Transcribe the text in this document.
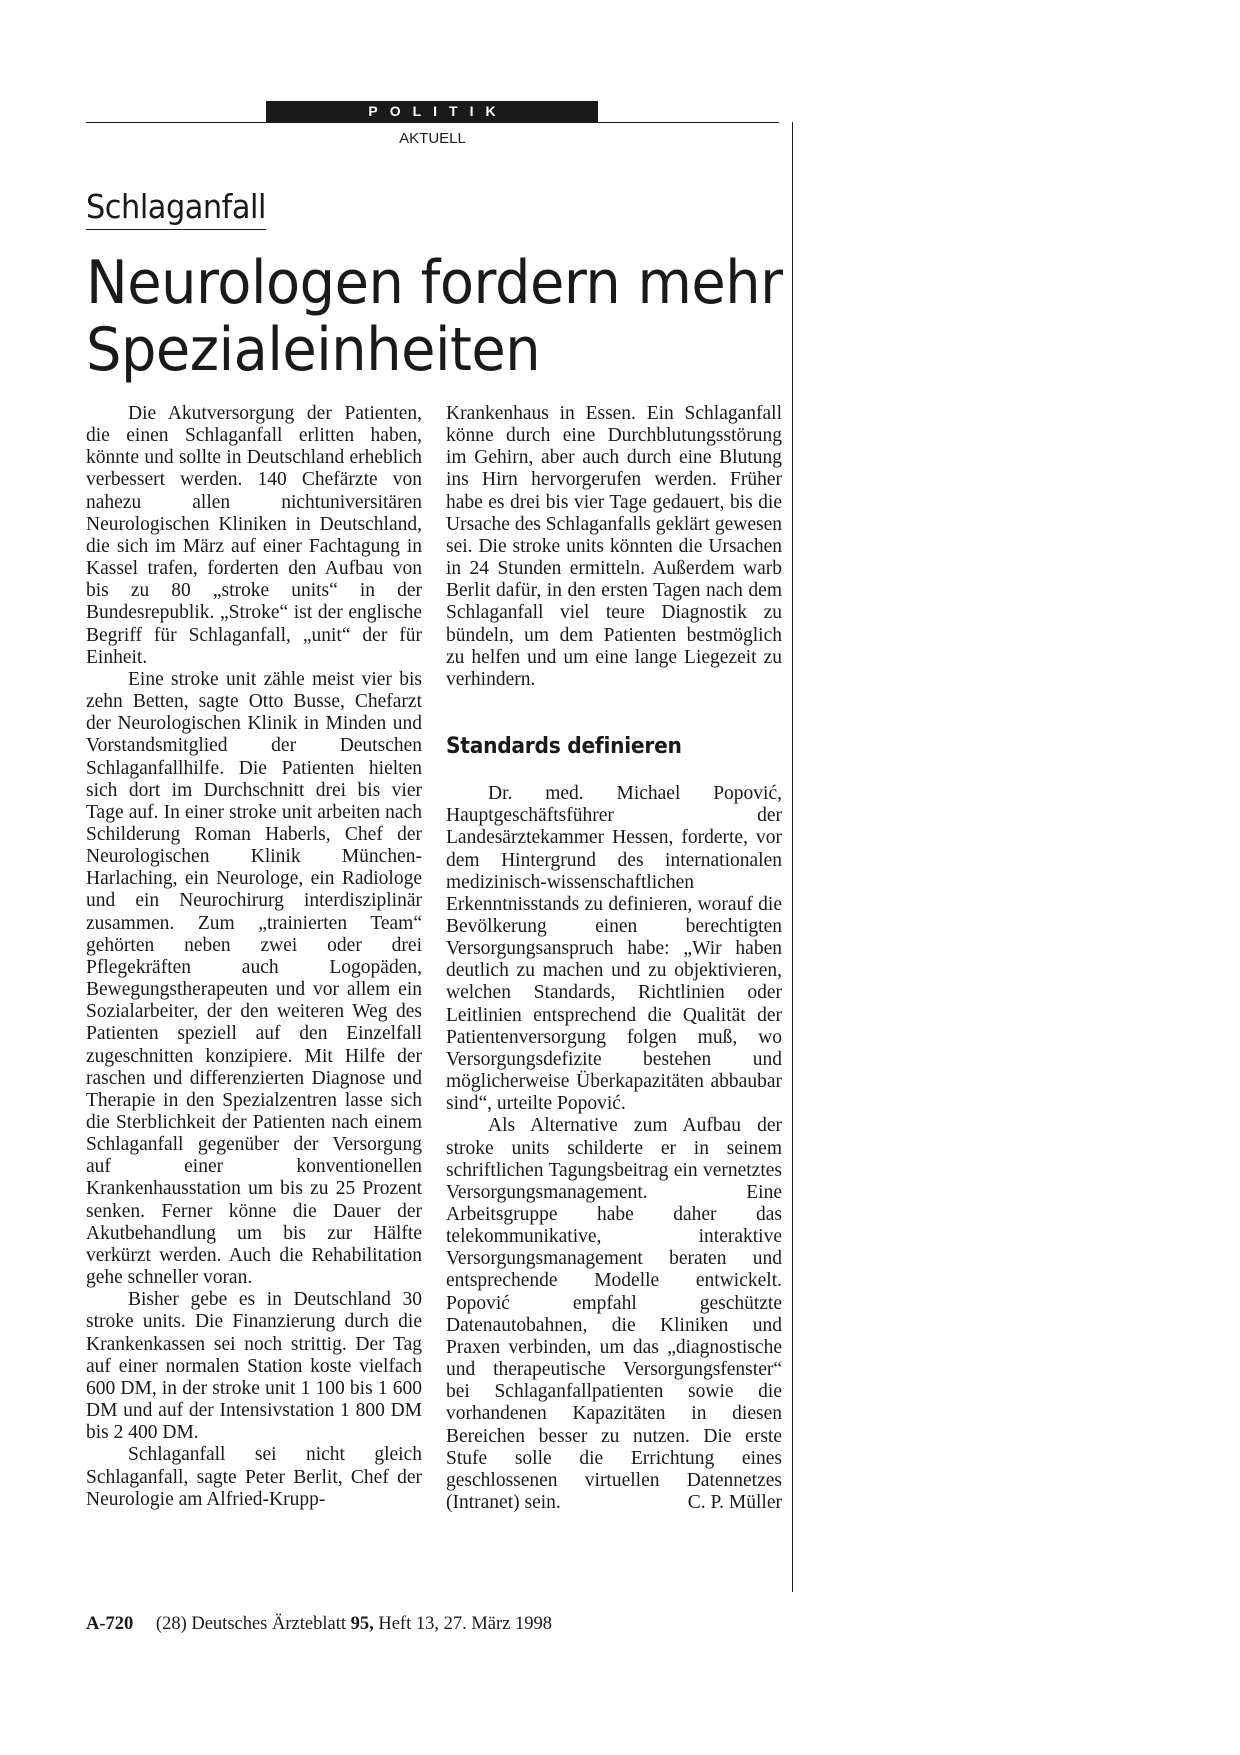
POLITIK
AKTUELL
Schlaganfall
Neurologen fordern mehr
Spezialeinheiten

Die Akutversorgung der Patienten, die einen Schlaganfall erlitten haben, könnte und sollte in Deutschland erheblich verbessert werden. 140 Chefärzte von nahezu allen nichtuniversitären Neurologischen Kliniken in Deutschland, die sich im März auf einer Fachtagung in Kassel trafen, forderten den Aufbau von bis zu 80 „stroke units“ in der Bundesrepublik. „Stroke“ ist der englische Begriff für Schlaganfall, „unit“ der für Einheit.

Eine stroke unit zähle meist vier bis zehn Betten, sagte Otto Busse, Chefarzt der Neurologischen Klinik in Minden und Vorstandsmitglied der Deutschen Schlaganfallhilfe. Die Patienten hielten sich dort im Durchschnitt drei bis vier Tage auf. In einer stroke unit arbeiten nach Schilderung Roman Haberls, Chef der Neurologischen Klinik München-Harlaching, ein Neurologe, ein Radiologe und ein Neurochirurg interdisziplinär zusammen. Zum „trainierten Team“ gehörten neben zwei oder drei Pflegekräften auch Logopäden, Bewegungstherapeuten und vor allem ein Sozialarbeiter, der den weiteren Weg des Patienten speziell auf den Einzelfall zugeschnitten konzipiere. Mit Hilfe der raschen und differenzierten Diagnose und Therapie in den Spezialzentren lasse sich die Sterblichkeit der Patienten nach einem Schlaganfall gegenüber der Versorgung auf einer konventionellen Krankenhausstation um bis zu 25 Prozent senken. Ferner könne die Dauer der Akutbehandlung um bis zur Hälfte verkürzt werden. Auch die Rehabilitation gehe schneller voran.

Bisher gebe es in Deutschland 30 stroke units. Die Finanzierung durch die Krankenkassen sei noch strittig. Der Tag auf einer normalen Station koste vielfach 600 DM, in der stroke unit 1 100 bis 1 600 DM und auf der Intensivstation 1 800 DM bis 2 400 DM.

Schlaganfall sei nicht gleich Schlaganfall, sagte Peter Berlit, Chef der Neurologie am Alfried-Krupp-

Krankenhaus in Essen. Ein Schlaganfall könne durch eine Durchblutungsstörung im Gehirn, aber auch durch eine Blutung ins Hirn hervorgerufen werden. Früher habe es drei bis vier Tage gedauert, bis die Ursache des Schlaganfalls geklärt gewesen sei. Die stroke units könnten die Ursachen in 24 Stunden ermitteln. Außerdem warb Berlit dafür, in den ersten Tagen nach dem Schlaganfall viel teure Diagnostik zu bündeln, um dem Patienten bestmöglich zu helfen und um eine lange Liegezeit zu verhindern.

Standards definieren

Dr. med. Michael Popović, Hauptgeschäftsführer der Landesärztekammer Hessen, forderte, vor dem Hintergrund des internationalen medizinisch-wissenschaftlichen Erkenntnisstands zu definieren, worauf die Bevölkerung einen berechtigten Versorgungsanspruch habe: „Wir haben deutlich zu machen und zu objektivieren, welchen Standards, Richtlinien oder Leitlinien entsprechend die Qualität der Patientenversorgung folgen muß, wo Versorgungsdefizite bestehen und möglicherweise Überkapazitäten abbaubar sind“, urteilte Popović.

Als Alternative zum Aufbau der stroke units schilderte er in seinem schriftlichen Tagungsbeitrag ein vernetztes Versorgungsmanagement. Eine Arbeitsgruppe habe daher das telekommunikative, interaktive Versorgungsmanagement beraten und entsprechende Modelle entwickelt. Popović empfahl geschützte Datenautobahnen, die Kliniken und Praxen verbinden, um das „diagnostische und therapeutische Versorgungsfenster“ bei Schlaganfallpatienten sowie die vorhandenen Kapazitäten in diesen Bereichen besser zu nutzen. Die erste Stufe solle die Errichtung eines geschlossenen virtuellen Datennetzes (Intranet) sein.	C. P. Müller

A-720 (28) Deutsches Ärzteblatt 95, Heft 13, 27. März 1998
